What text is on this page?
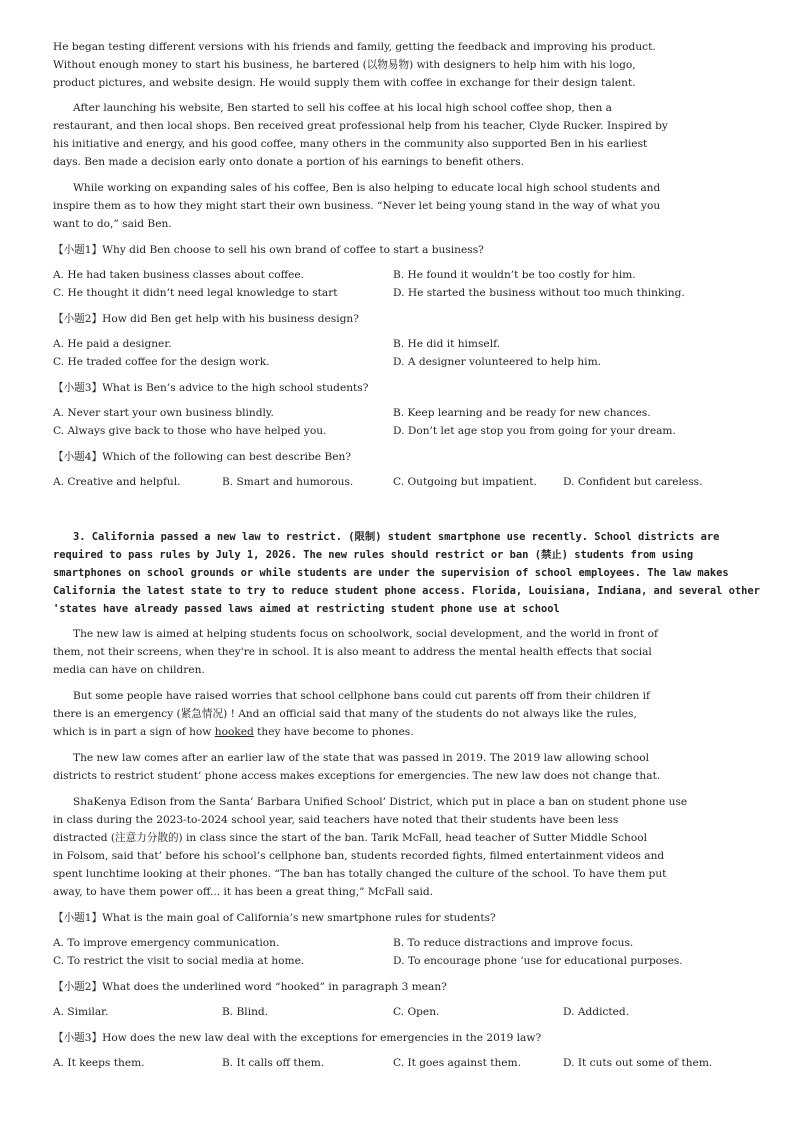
He began testing different versions with his friends and family, getting the feedback and improving his product.
Without enough money to start his business, he bartered (以物易物) with designers to help him with his logo,
product pictures, and website design. He would supply them with coffee in exchange for their design talent.
After launching his website, Ben started to sell his coffee at his local high school coffee shop, then a
restaurant, and then local shops. Ben received great professional help from his teacher, Clyde Rucker. Inspired by
his initiative and energy, and his good coffee, many others in the community also supported Ben in his earliest
days. Ben made a decision early onto donate a portion of his earnings to benefit others.
While working on expanding sales of his coffee, Ben is also helping to educate local high school students and
inspire them as to how they might start their own business. “Never let being young stand in the way of what you
want to do,” said Ben.
【小题1】Why did Ben choose to sell his own brand of coffee to start a business?
A. He had taken business classes about coffee.	B. He found it wouldn’t be too costly for him.
C. He thought it didn’t need legal knowledge to start	D. He started the business without too much thinking.
【小题2】How did Ben get help with his business design?
A. He paid a designer.	B. He did it himself.
C. He traded coffee for the design work.	D. A designer volunteered to help him.
【小题3】What is Ben’s advice to the high school students?
A. Never start your own business blindly.	B. Keep learning and be ready for new chances.
C. Always give back to those who have helped you.	D. Don’t let age stop you from going for your dream.
【小题4】Which of the following can best describe Ben?
A. Creative and helpful.	B. Smart and humorous.	C. Outgoing but impatient. D. Confident but careless.
3. California passed a new law to restrict. (限制) student smartphone use recently. School districts are
required to pass rules by July 1, 2026. The new rules should restrict or ban (禁止) students from using
smartphones on school grounds or while students are under the supervision of school employees. The law makes
California the latest state to try to reduce student phone access. Florida, Louisiana, Indiana, and several other
'states have already passed laws aimed at restricting student phone use at school
The new law is aimed at helping students focus on schoolwork, social development, and the world in front of
them, not their screens, when they're in school. It is also meant to address the mental health effects that social
media can have on children.
But some people have raised worries that school cellphone bans could cut parents off from their children if
there is an emergency (紧急情况) ! And an official said that many of the students do not always like the rules,
which is in part a sign of how hooked they have become to phones.
The new law comes after an earlier law of the state that was passed in 2019. The 2019 law allowing school
districts to restrict student’ phone access makes exceptions for emergencies. The new law does not change that.
ShaKenya Edison from the Santa’ Barbara Unified School’ District, which put in place a ban on student phone use
in class during the 2023-to-2024 school year, said teachers have noted that their students have been less
distracted (注意力分散的) in class since the start of the ban. Tarik McFall, head teacher of Sutter Middle School
in Folsom, said that’ before his school’s cellphone ban, students recorded fights, filmed entertainment videos and
spent lunchtime looking at their phones. “The ban has totally changed the culture of the school. To have them put
away, to have them power off... it has been a great thing,” McFall said.
【小题1】What is the main goal of California’s new smartphone rules for students?
A. To improve emergency communication.	B. To reduce distractions and improve focus.
C. To restrict the visit to social media at home.	D. To encourage phone ’use for educational purposes.
【小题2】What does the underlined word “hooked” in paragraph 3 mean?
A. Similar.	B. Blind.	C. Open.	D. Addicted.
【小题3】How does the new law deal with the exceptions for emergencies in the 2019 law?
A. It keeps them.	B. It calls off them.	C. It goes against them.	D. It cuts out some of them.
